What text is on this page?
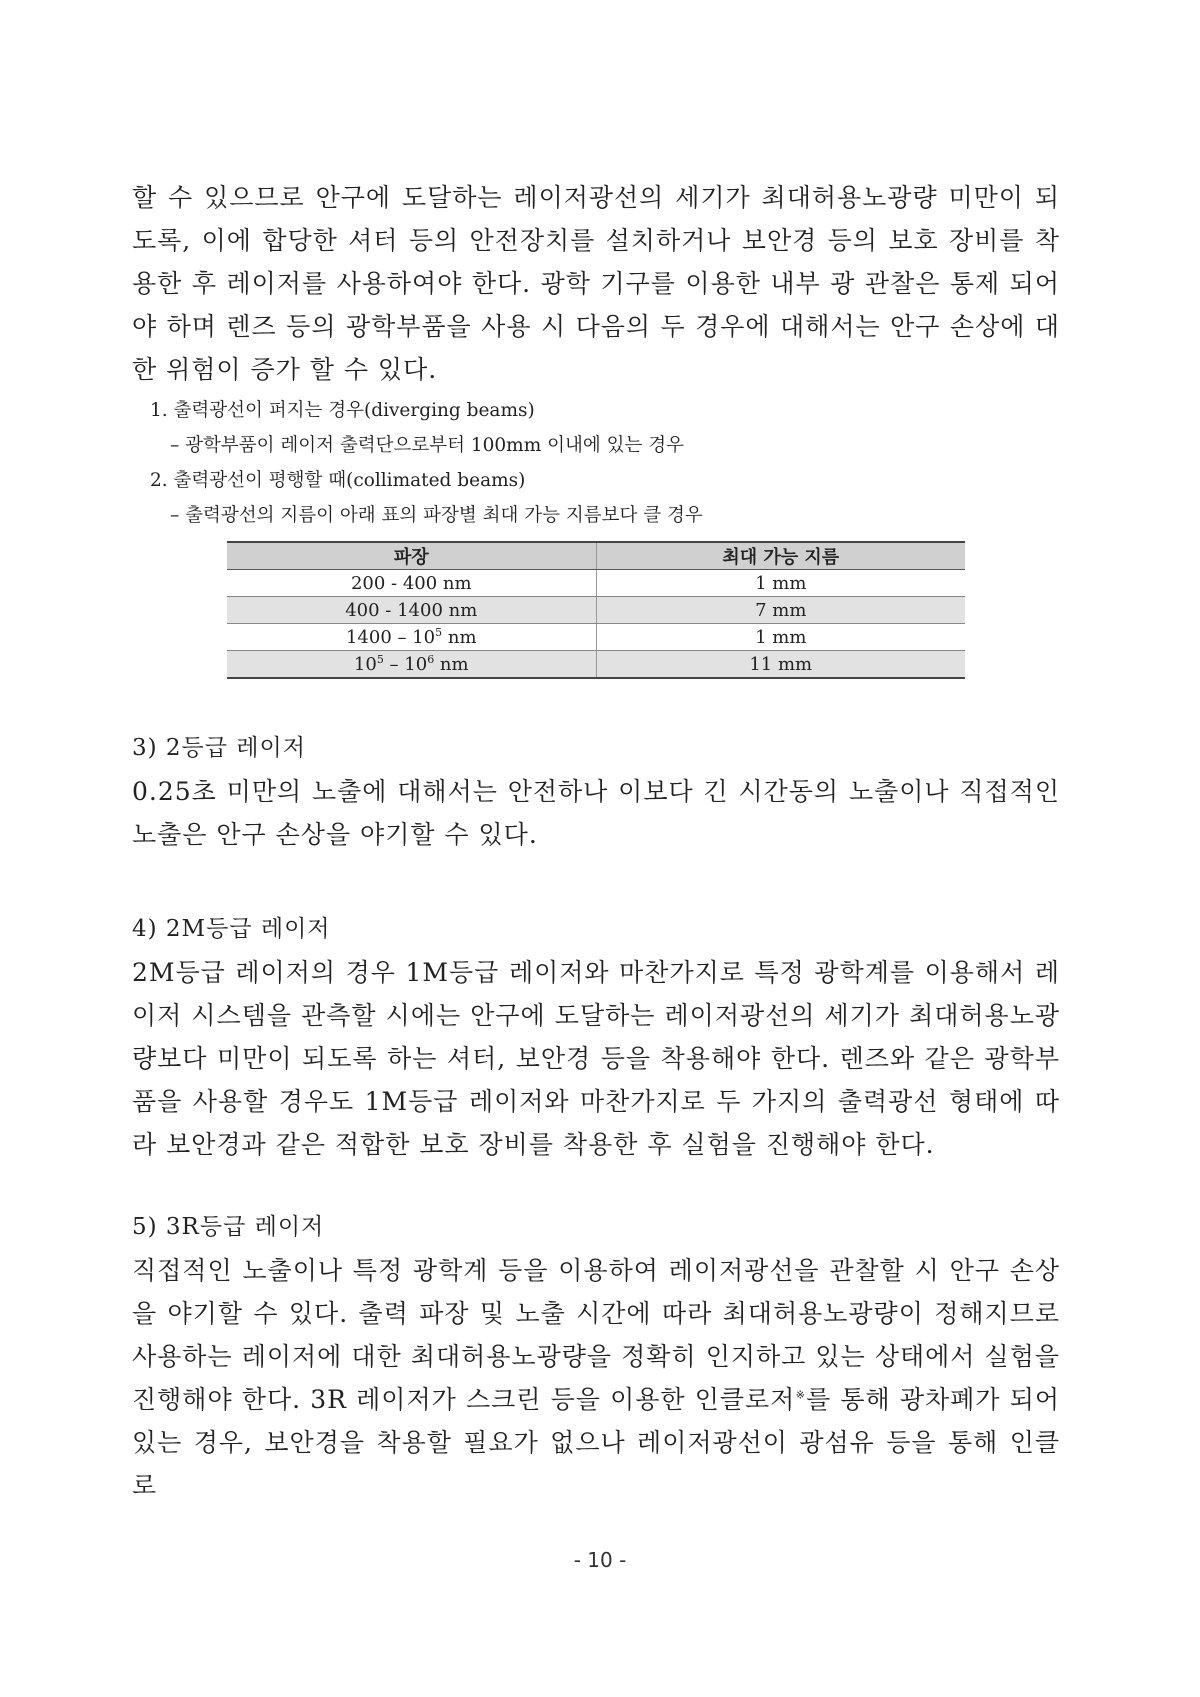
할 수 있으므로 안구에 도달하는 레이저광선의 세기가 최대허용노광량 미만이 되도록, 이에 합당한 셔터 등의 안전장치를 설치하거나 보안경 등의 보호 장비를 착용한 후 레이저를 사용하여야 한다. 광학 기구를 이용한 내부 광 관찰은 통제 되어야 하며 렌즈 등의 광학부품을 사용 시 다음의 두 경우에 대해서는 안구 손상에 대한 위험이 증가 할 수 있다.

1. 출력광선이 퍼지는 경우(diverging beams)
– 광학부품이 레이저 출력단으로부터 100mm 이내에 있는 경우
2. 출력광선이 평행할 때(collimated beams)
– 출력광선의 지름이 아래 표의 파장별 최대 가능 지름보다 클 경우
파장	최대 가능 지름
200 - 400 nm	1 mm
400 - 1400 nm	7 mm
$1400 - 10^5$ nm	1 mm
$10^5 - 10^6$ nm	11 mm

3) 2등급 레이저

0.25초 미만의 노출에 대해서는 안전하나 이보다 긴 시간동의 노출이나 직접적인 노출은 안구 손상을 야기할 수 있다.

4) 2M등급 레이저

2M등급 레이저의 경우 1M등급 레이저와 마찬가지로 특정 광학계를 이용해서 레이저 시스템을 관측할 시에는 안구에 도달하는 레이저광선의 세기가 최대허용노광량보다 미만이 되도록 하는 셔터, 보안경 등을 착용해야 한다. 렌즈와 같은 광학부품을 사용할 경우도 1M등급 레이저와 마찬가지로 두 가지의 출력광선 형태에 따라 보안경과 같은 적합한 보호 장비를 착용한 후 실험을 진행해야 한다.

5) 3R등급 레이저

직접적인 노출이나 특정 광학계 등을 이용하여 레이저광선을 관찰할 시 안구 손상을 야기할 수 있다. 출력 파장 및 노출 시간에 따라 최대허용노광량이 정해지므로 사용하는 레이저에 대한 최대허용노광량을 정확히 인지하고 있는 상태에서 실험을 진행해야 한다. 3R 레이저가 스크린 등을 이용한 인클로저※를 통해 광차폐가 되어 있는 경우, 보안경을 착용할 필요가 없으나 레이저광선이 광섬유 등을 통해 인클로

- 10 -
